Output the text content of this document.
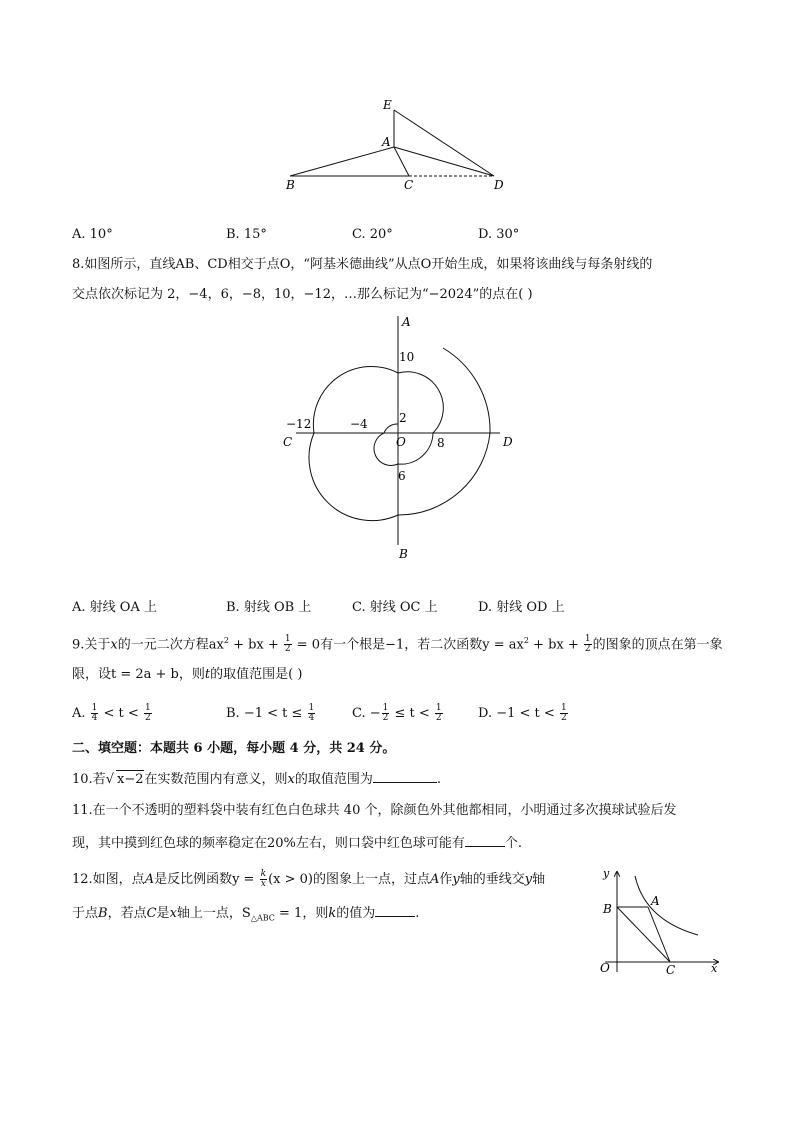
E
A
B	C	D
A. 10°	B. 15°	C. 20°	D. 30°
8.如图所示，直线AB、CD相交于点O，“阿基米德曲线”从点O开始生成，如果将该曲线与每条射线的
交点依次标记为 2，−4，6，−8，10，−12，…那么标记为“−2024”的点在( )
A
B
C	D
O
10
2
−4
−12
8
6
A. 射线 OA 上	B. 射线 OB 上	C. 射线 OC 上	D. 射线 OD 上
9.关于x的一元二次方程$ax^2$ + bx + $\frac{1}{2} = 0$有一个根是−1，若二次函数$y = ax^2$ + bx + $\frac{1}{2}$ 的图象的顶点在第一象
限，设t = 2a + b，则t的取值范围是( )
A. $\frac{1}{4} < t < \frac{1}{2}$	B. $-1 < t \le \frac{1}{4}$	C. − $\frac{1}{2} \le t < \frac{1}{2}$	D. $-1 < t < \frac{1}{2}$
二、填空题：本题共 6 小题，每小题 4 分，共 24 分。
10.若√ x−2在实数范围内有意义，则x的取值范围为	.
11.在一个不透明的塑料袋中装有红色白色球共 40 个，除颜色外其他都相同，小明通过多次摸球试验后发
现，其中摸到红色球的频率稳定在20%左右，则口袋中红色球可能有	个.
12.如图，点A是反比例函数$y = \frac{k}{x} (x > 0)$的图象上一点，过点A作y轴的垂线交y轴
于点B，若点C是x轴上一点，$S_{\triangle ABC} = 1$，则k的值为	.
y
x
O
A
B
C
